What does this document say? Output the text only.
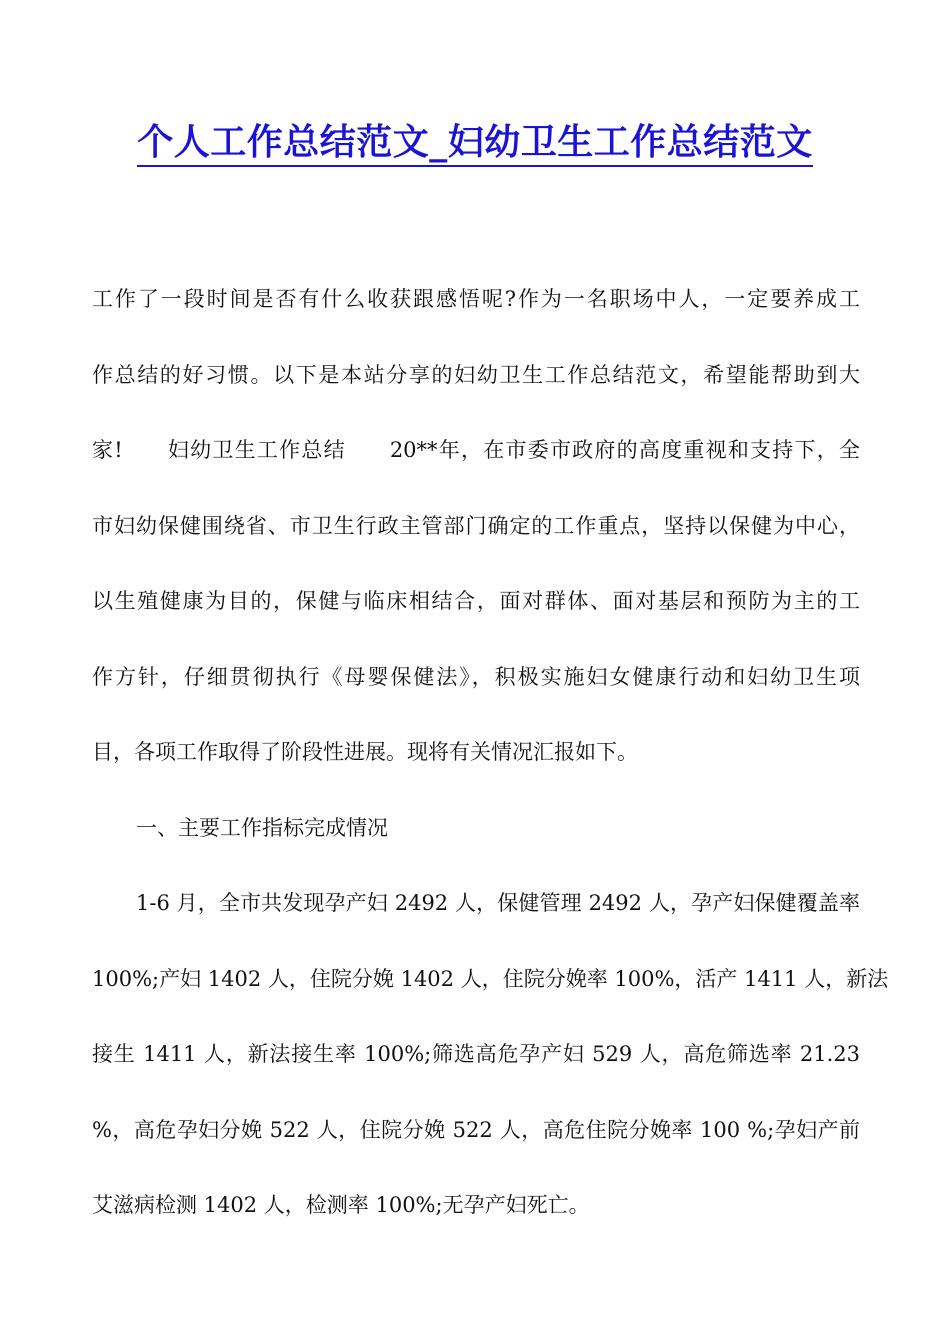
个人工作总结范文_妇幼卫生工作总结范文
工作了一段时间是否有什么收获跟感悟呢?作为一名职场中人，一定要养成工
作总结的好习惯。以下是本站分享的妇幼卫生工作总结范文，希望能帮助到大
家! 妇幼卫生工作总结 20**年，在市委市政府的高度重视和支持下，全
市妇幼保健围绕省、市卫生行政主管部门确定的工作重点，坚持以保健为中心，
以生殖健康为目的，保健与临床相结合，面对群体、面对基层和预防为主的工
作方针，仔细贯彻执行《母婴保健法》，积极实施妇女健康行动和妇幼卫生项
目，各项工作取得了阶段性进展。现将有关情况汇报如下。
一、主要工作指标完成情况
1-6 月，全市共发现孕产妇 2492 人，保健管理 2492 人，孕产妇保健覆盖率
100%;产妇 1402 人，住院分娩 1402 人，住院分娩率 100%，活产 1411 人，新法
接生 1411 人，新法接生率 100%;筛选高危孕产妇 529 人，高危筛选率 21.23
%，高危孕妇分娩 522 人，住院分娩 522 人，高危住院分娩率 100 %;孕妇产前
艾滋病检测 1402 人，检测率 100%;无孕产妇死亡。
